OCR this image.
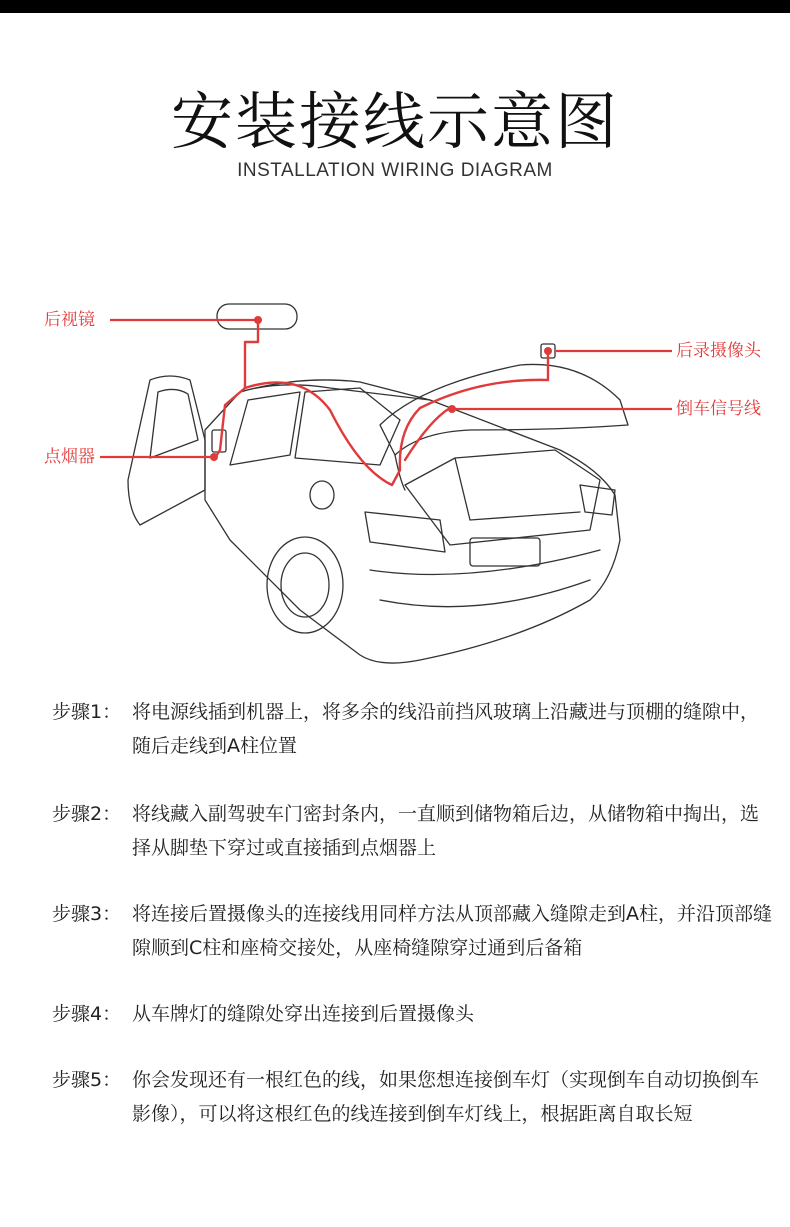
安装接线示意图
INSTALLATION WIRING DIAGRAM
后视镜
点烟器
后录摄像头
倒车信号线
步骤1： 将电源线插到机器上，将多余的线沿前挡风玻璃上沿藏进与顶棚的缝隙中，随后走线到A柱位置
步骤2： 将线藏入副驾驶车门密封条内，一直顺到储物箱后边，从储物箱中掏出，选择从脚垫下穿过或直接插到点烟器上
步骤3： 将连接后置摄像头的连接线用同样方法从顶部藏入缝隙走到A柱，并沿顶部缝隙顺到C柱和座椅交接处，从座椅缝隙穿过通到后备箱
步骤4： 从车牌灯的缝隙处穿出连接到后置摄像头
步骤5： 你会发现还有一根红色的线，如果您想连接倒车灯（实现倒车自动切换倒车影像），可以将这根红色的线连接到倒车灯线上，根据距离自取长短
